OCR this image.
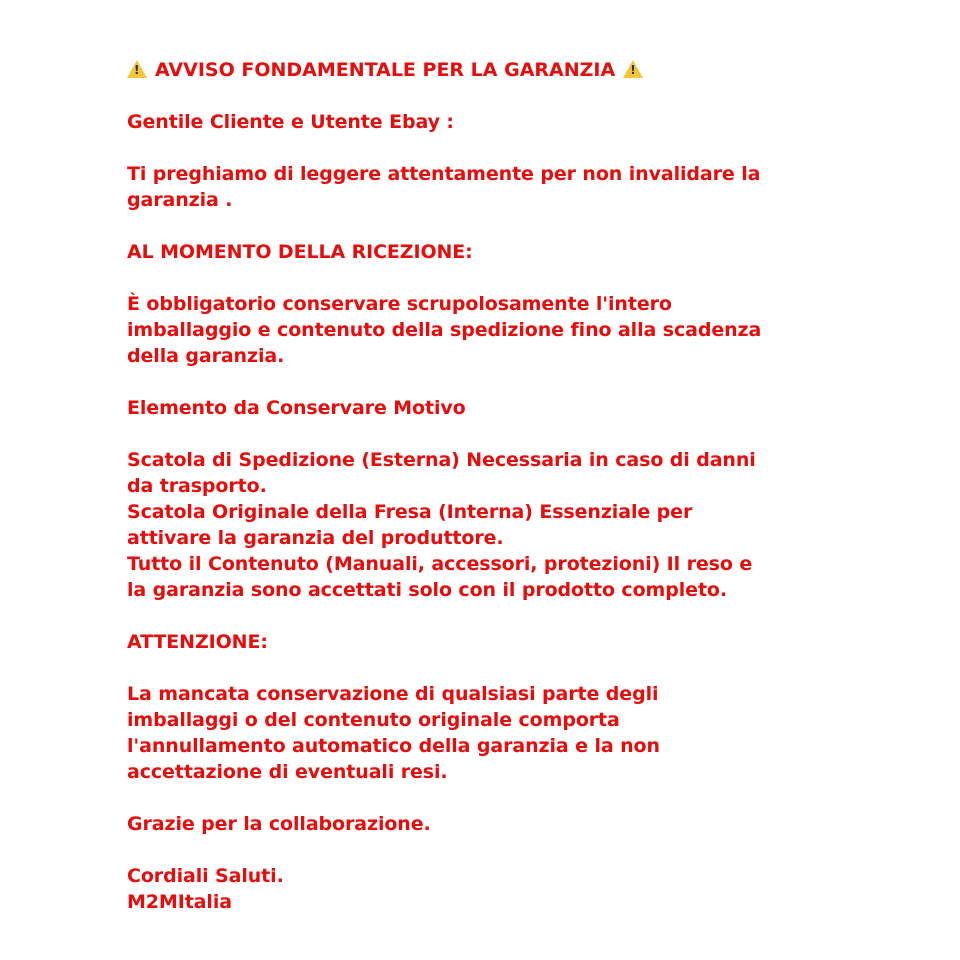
!
AVVISO FONDAMENTALE PER LA GARANZIA
!

Gentile Cliente e Utente Ebay :

Ti preghiamo di leggere attentamente per non invalidare la
garanzia .

AL MOMENTO DELLA RICEZIONE:

È obbligatorio conservare scrupolosamente l'intero
imballaggio e contenuto della spedizione fino alla scadenza
della garanzia.

Elemento da Conservare Motivo

Scatola di Spedizione (Esterna) Necessaria in caso di danni
da trasporto.

Scatola Originale della Fresa (Interna) Essenziale per
attivare la garanzia del produttore.

Tutto il Contenuto (Manuali, accessori, protezioni) Il reso e
la garanzia sono accettati solo con il prodotto completo.

ATTENZIONE:

La mancata conservazione di qualsiasi parte degli
imballaggi o del contenuto originale comporta
l'annullamento automatico della garanzia e la non
accettazione di eventuali resi.

Grazie per la collaborazione.

Cordiali Saluti.

M2MItalia
